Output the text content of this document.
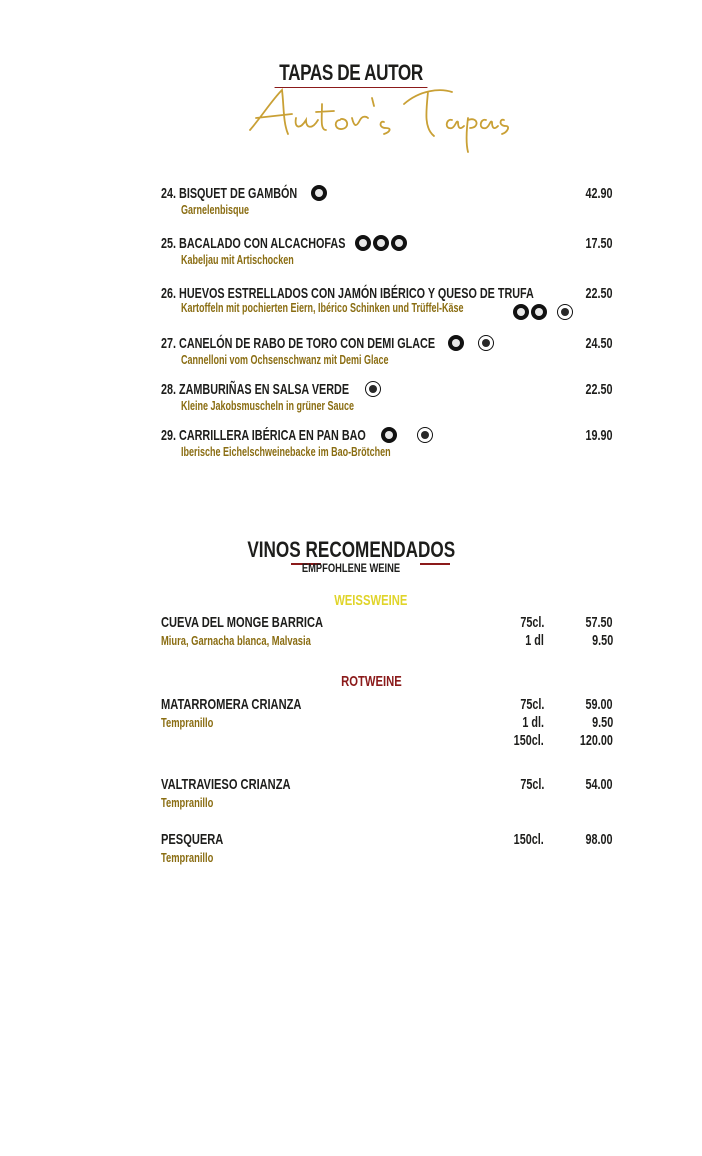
TAPAS DE AUTOR
24. BISQUET DE GAMBÓN
Garnelenbisque
42.90
25. BACALADO CON ALCACHOFAS
Kabeljau mit Artischocken
17.50
26. HUEVOS ESTRELLADOS CON JAMÓN IBÉRICO Y QUESO DE TRUFA
Kartoffeln mit pochierten Eiern, Ibérico Schinken und Trüffel-Käse
22.50
27. CANELÓN DE RABO DE TORO CON DEMI GLACE
Cannelloni vom Ochsenschwanz mit Demi Glace
24.50
28. ZAMBURIÑAS EN SALSA VERDE
Kleine Jakobsmuscheln in grüner Sauce
22.50
29. CARRILLERA IBÉRICA EN PAN BAO
Iberische Eichelschweinebacke im Bao-Brötchen
19.90
VINOS RECOMENDADOS
EMPFOHLENE WEINE
WEISSWEINE
CUEVA DEL MONGE BARRICA
Miura, Garnacha blanca, Malvasia
75cl.	57.50
1 dl	9.50
ROTWEINE
MATARROMERA CRIANZA
Tempranillo
75cl.	59.00
1 dl.	9.50
150cl. 120.00
VALTRAVIESO CRIANZA
Tempranillo
75cl.	54.00
PESQUERA
Tempranillo
150cl.	98.00
